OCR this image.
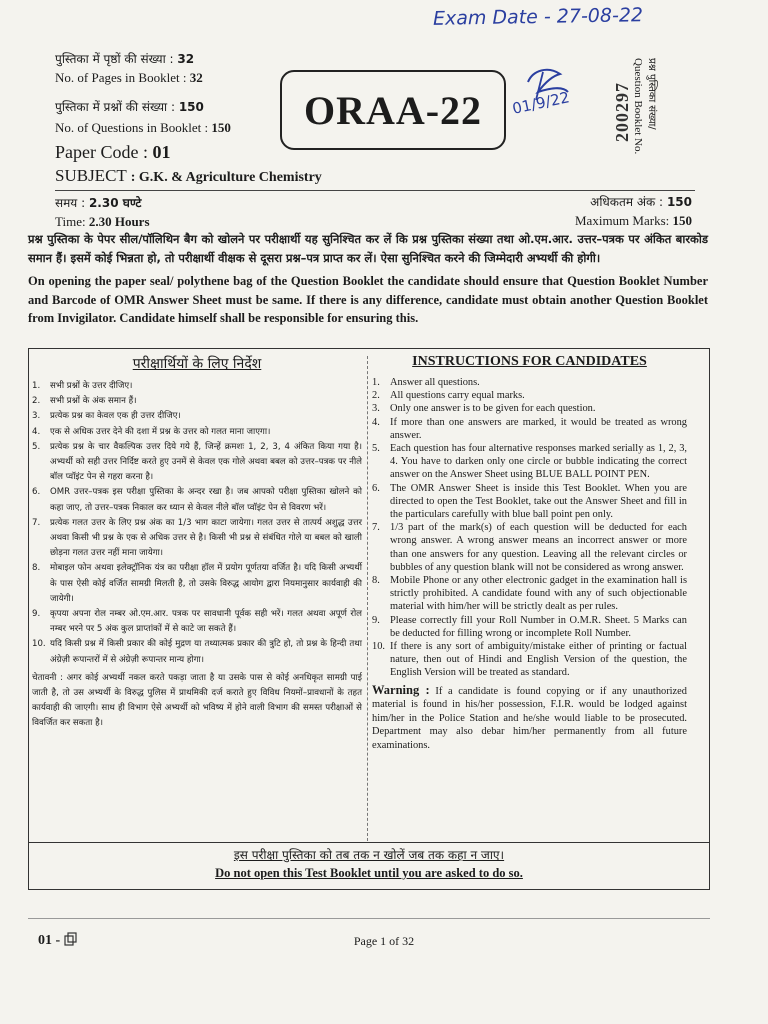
Exam Date - 27-08-22
01/9/22	प्रश्न पुस्तिका संख्या/
Question Booklet No.
200297
पुस्तिका में पृष्ठों की संख्या : 32
No. of Pages in Booklet : 32
पुस्तिका में प्रश्नों की संख्या : 150
No. of Questions in Booklet : 150
Paper Code : 01
SUBJECT : G.K. & Agriculture Chemistry
ORAA-22
समय : 2.30 घण्टे
Time: 2.30 Hours
अधिकतम अंक : 150
Maximum Marks: 150

प्रश्न पुस्तिका के पेपर सील/पॉलिथिन बैग को खोलने पर परीक्षार्थी यह सुनिश्चित कर लें कि प्रश्न पुस्तिका संख्या तथा ओ.एम.आर. उत्तर–पत्रक पर अंकित बारकोड समान हैं। इसमें कोई भिन्नता हो, तो परीक्षार्थी वीक्षक से दूसरा प्रश्न–पत्र प्राप्त कर लें। ऐसा सुनिश्चित करने की जिम्मेदारी अभ्यर्थी की होगी।

On opening the paper seal/ polythene bag of the Question Booklet the candidate should ensure that Question Booklet Number and Barcode of OMR Answer Sheet must be same. If there is any difference, candidate must obtain another Question Booklet from Invigilator. Candidate himself shall be responsible for ensuring this.

परीक्षार्थियों के लिए निर्देश
1.	सभी प्रश्नों के उत्तर दीजिए।
2.	सभी प्रश्नों के अंक समान हैं।
3.	प्रत्येक प्रश्न का केवल एक ही उत्तर दीजिए।
4.	एक से अधिक उत्तर देने की दशा में प्रश्न के उत्तर को गलत माना जाएगा।
5.	प्रत्येक प्रश्न के चार वैकल्पिक उत्तर दिये गये हैं, जिन्हें क्रमशः 1, 2, 3, 4 अंकित किया गया है। अभ्यर्थी को सही उत्तर निर्दिष्ट करते हुए उनमें से केवल एक गोले अथवा बबल को उत्तर–पत्रक पर नीले बॉल प्वॉइंट पेन से गहरा करना है।
6.	OMR उत्तर–पत्रक इस परीक्षा पुस्तिका के अन्दर रखा है। जब आपको परीक्षा पुस्तिका खोलने को कहा जाए, तो उत्तर–पत्रक निकाल कर ध्यान से केवल नीले बॉल प्वॉइंट पेन से विवरण भरें।
7.	प्रत्येक गलत उत्तर के लिए प्रश्न अंक का 1/3 भाग काटा जायेगा। गलत उत्तर से तात्पर्य अशुद्ध उत्तर अथवा किसी भी प्रश्न के एक से अधिक उत्तर से है। किसी भी प्रश्न से संबंधित गोले या बबल को खाली छोड़ना गलत उत्तर नहीं माना जायेगा।
8.	मोबाइल फोन अथवा इलेक्ट्रॉनिक यंत्र का परीक्षा हॉल में प्रयोग पूर्णतया वर्जित है। यदि किसी अभ्यर्थी के पास ऐसी कोई वर्जित सामग्री मिलती है, तो उसके विरुद्ध आयोग द्वारा नियमानुसार कार्यवाही की जायेगी।
9.	कृपया अपना रोल नम्बर ओ.एम.आर. पत्रक पर सावधानी पूर्वक सही भरें। गलत अथवा अपूर्ण रोल नम्बर भरने पर 5 अंक कुल प्राप्तांकों में से काटे जा सकते हैं।
10. यदि किसी प्रश्न में किसी प्रकार की कोई मुद्रण या तथ्यात्मक प्रकार की त्रुटि हो, तो प्रश्न के हिन्दी तथा अंग्रेज़ी रूपान्तरों में से अंग्रेज़ी रूपान्तर मान्य होगा।
चेतावनी : अगर कोई अभ्यर्थी नकल करते पकड़ा जाता है या उसके पास से कोई अनधिकृत सामग्री पाई जाती है, तो उस अभ्यर्थी के विरुद्ध पुलिस में प्राथमिकी दर्ज कराते हुए विविध नियमों–प्रावधानों के तहत कार्यवाही की जाएगी। साथ ही विभाग ऐसे अभ्यर्थी को भविष्य में होने वाली विभाग की समस्त परीक्षाओं से विवर्जित कर सकता है।
INSTRUCTIONS FOR CANDIDATES
1. Answer all questions.
2. All questions carry equal marks.
3. Only one answer is to be given for each question.
4. If more than one answers are marked, it would be treated as wrong answer.
5. Each question has four alternative responses marked serially as 1, 2, 3, 4. You have to darken only one circle or bubble indicating the correct answer on the Answer Sheet using BLUE BALL POINT PEN.
6. The OMR Answer Sheet is inside this Test Booklet. When you are directed to open the Test Booklet, take out the Answer Sheet and fill in the particulars carefully with blue ball point pen only.
7. 1/3 part of the mark(s) of each question will be deducted for each wrong answer. A wrong answer means an incorrect answer or more than one answers for any question. Leaving all the relevant circles or bubbles of any question blank will not be considered as wrong answer.
8. Mobile Phone or any other electronic gadget in the examination hall is strictly prohibited. A candidate found with any of such objectionable material with him/her will be strictly dealt as per rules.
9. Please correctly fill your Roll Number in O.M.R. Sheet. 5 Marks can be deducted for filling wrong or incomplete Roll Number.
10. If there is any sort of ambiguity/mistake either of printing or factual nature, then out of Hindi and English Version of the question, the English Version will be treated as standard.
Warning : If a candidate is found copying or if any unauthorized material is found in his/her possession, F.I.R. would be lodged against him/her in the Police Station and he/she would liable to be prosecuted. Department may also debar him/her permanently from all future examinations.
इस परीक्षा पुस्तिका को तब तक न खोलें जब तक कहा न जाए।
Do not open this Test Booklet until you are asked to do so.
01 -	Page 1 of 32
